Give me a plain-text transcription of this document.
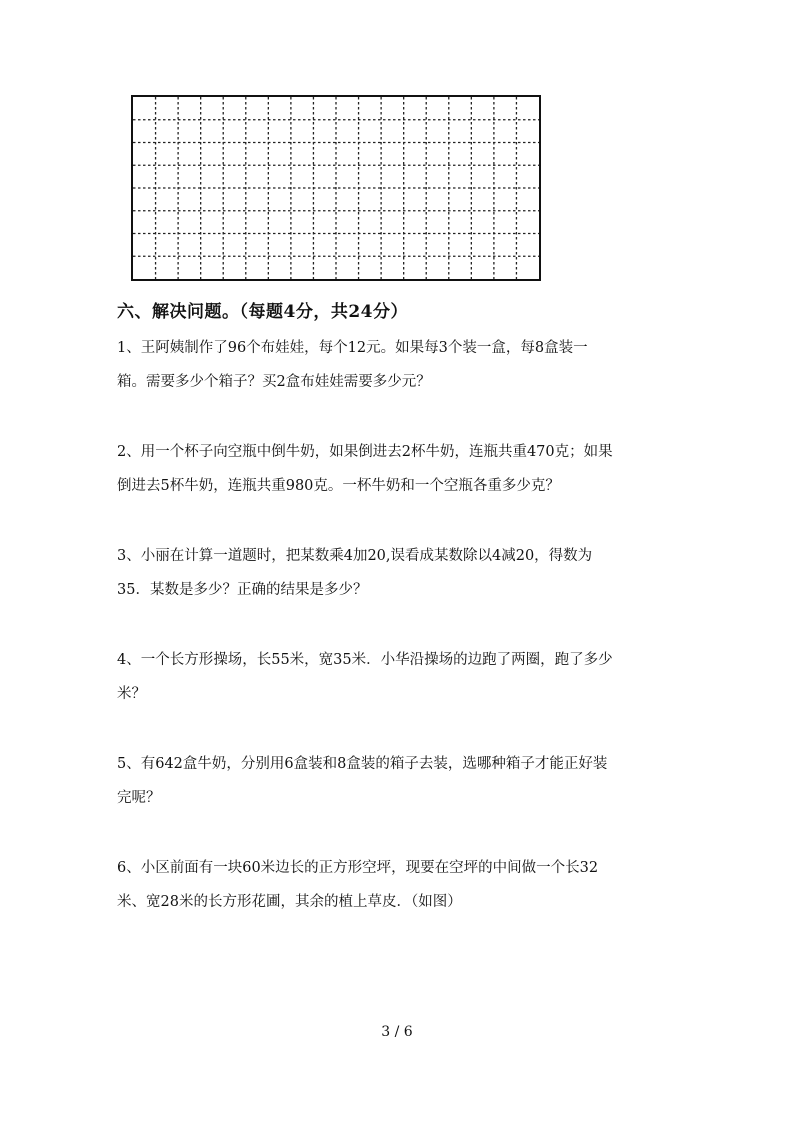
六、解决问题。（每题4分，共24分）
1、王阿姨制作了96个布娃娃，每个12元。如果每3个装一盒，每8盒装一
箱。需要多少个箱子？买2盒布娃娃需要多少元？
2、用一个杯子向空瓶中倒牛奶，如果倒进去2杯牛奶，连瓶共重470克；如果
倒进去5杯牛奶，连瓶共重980克。一杯牛奶和一个空瓶各重多少克？
3、小丽在计算一道题时，把某数乘4加20,误看成某数除以4减20，得数为
35．某数是多少？正确的结果是多少？
4、一个长方形操场，长55米，宽35米．小华沿操场的边跑了两圈，跑了多少
米？
5、有642盒牛奶，分别用6盒装和8盒装的箱子去装，选哪种箱子才能正好装
完呢？
6、小区前面有一块60米边长的正方形空坪，现要在空坪的中间做一个长32
米、宽28米的长方形花圃，其余的植上草皮．（如图）
3 / 6
